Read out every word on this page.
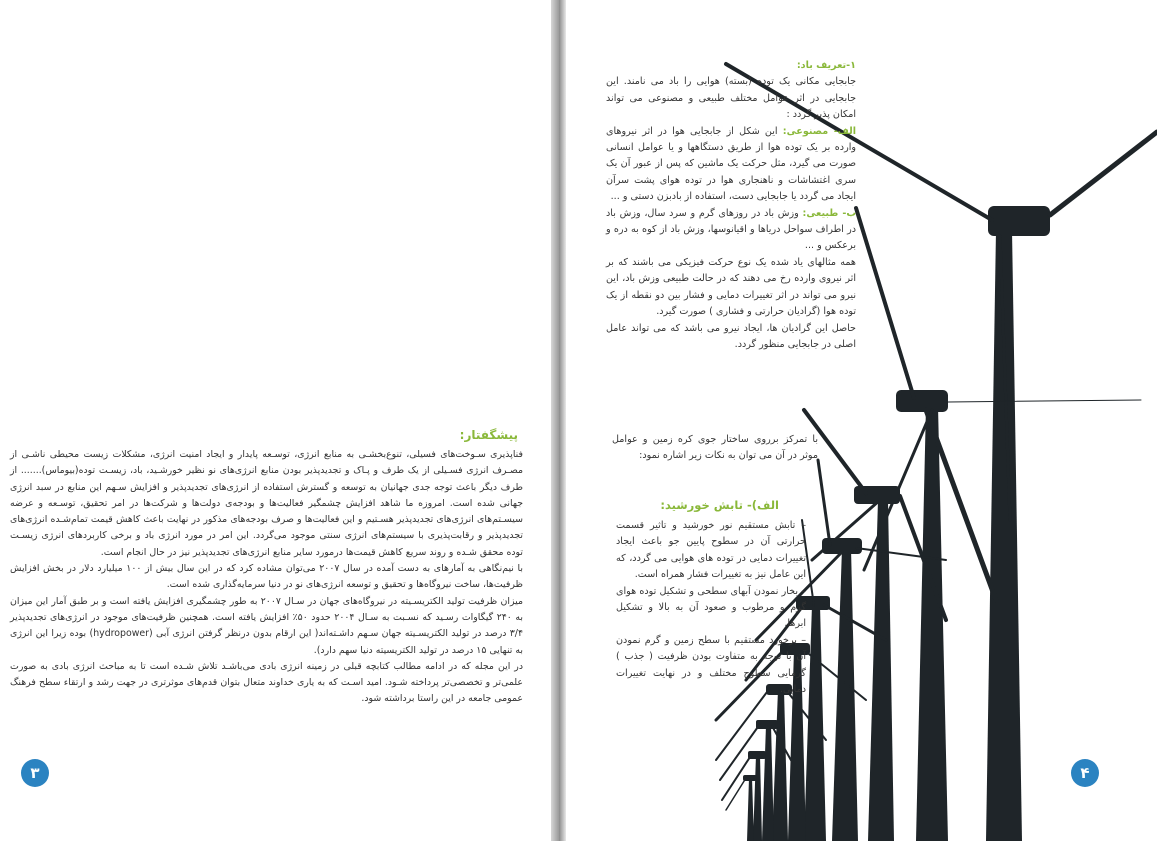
پیشگفتار:

فناپذیری سـوخت‌های فسیلی، تنوع‌بخشـی به منابع انرژی، توسـعه پایدار و ایجاد امنیت انرژی، مشکلات زیست محیطی ناشـی از مصـرف انرژی فسـیلی از یک طرف و پـاک و تجدیدپذیر بودن منابع انرژی‌های نو نظیر خورشـید، باد، زیسـت توده(بیوماس)....... از طرف دیگر باعث توجه جدی جهانیان به توسعه و گسترش استفاده از انرژی‌های تجدیدپذیر و افزایش سـهم این منابع در سبد انرژی جهانی شده است. امروزه ما شاهد افزایش چشمگیر فعالیت‌ها و بودجه‌ی دولت‌ها و شرکت‌ها در امر تحقیق، توسـعه و عرضه سیسـتم‌های انرژی‌های تجدیدپذیر هسـتیم و این فعالیت‌ها و صرف بودجه‌های مذکور در نهایت باعث کاهش قیمت تمام‌شـده انرژی‌های تجدیدپذیر و رقابت‌پذیری با سیستم‌های انرژی سنتی موجود می‌گردد. این امر در مورد انرژی باد و برخی کاربردهای انرژی زیسـت توده محقق شـده و روند سریع کاهش قیمت‌ها درمورد سایر منابع انرژی‌های تجدیدپذیر نیز در حال انجام است.

با نیم‌نگاهی به آمارهای به دست آمده در سال ۲۰۰۷ می‌توان مشاده کرد که در این سال بیش از ۱۰۰ میلیارد دلار در بخش افزایش ظرفیت‌ها، ساخت نیروگاه‌ها و تحقیق و توسعه انرژی‌های نو در دنیا سرمایه‌گذاری شده است.

میزان ظرفیت تولید الکتریسـیته در نیروگاه‌های جهان در سـال ۲۰۰۷ به طور چشمگیری افزایش یافته است و بر طبق آمار این میزان به ۲۴۰ گیگاوات رسـید که نسـبت به سـال ۲۰۰۴ حدود ۵۰٪ افزایش یافته است. همچنین ظرفیت‌های موجود در انرژی‌های تجدیدپذیر ۳/۴ درصد در تولید الکتریسـیته جهان سـهم داشـته‌اند( این ارقام بدون درنظر گرفتن انرژی آبی (hydropower) بوده زیرا این انرژی به تنهایی ۱۵ درصد در تولید الکتریسیته دنیا سهم دارد).

در این مجله که در ادامه مطالب کتابچه قبلی در زمینه انرژی بادی می‌باشـد تلاش شـده است تا به مباحث انرژی بادی به صورت علمی‌تر و تخصصی‌تر پرداخته شـود. امید اسـت که به یاری خداوند متعال بتوان قدم‌های موثرتری در جهت رشد و ارتقاء سطح فرهنگ عمومی جامعه در این راستا برداشته شود.

۳

۱-تعریف باد:
جابجایی مکانی یک توده (بسته) هوایی را باد می نامند. این جابجایی در اثر عوامل مختلف طبیعی و مصنوعی می تواند امکان پذیر گردد :

الف- مصنوعی: این شکل از جابجایی هوا در اثر نیروهای وارده بر یک توده هوا از طریق دستگاهها و یا عوامل انسانی صورت می گیرد، مثل حرکت یک ماشین که پس از عبور آن یک سری اغتشاشات و ناهنجاری هوا در توده هوای پشت سرآن ایجاد می گردد یا جابجایی دست، استفاده از بادبزن دستی و ...

ب- طبیعی: وزش باد در روزهای گرم و سرد سال، وزش باد در اطراف سواحل دریاها و اقیانوسها، وزش باد از کوه به دره و برعکس و ...

همه مثالهای یاد شده یک نوع حرکت فیزیکی می باشند که بر اثر نیروی وارده رخ می دهند که در حالت طبیعی وزش باد، این نیرو می تواند در اثر تغییرات دمایی و فشار بین دو نقطه از یک توده هوا (گرادیان حرارتی و فشاری ) صورت گیرد.

حاصل این گرادیان ها، ایجاد نیرو می باشد که می تواند عامل اصلی در جابجایی منظور گردد.

با تمرکز برروی ساختار جوی کره زمین و عوامل موثر در آن می توان به نکات زیر اشاره نمود:
الف)- تابش خورشید:

– تابش مستقیم نور خورشید و تاثیر قسمت حرارتی آن در سطوح پایین جو باعث ایجاد تغییرات دمایی در توده های هوایی می گردد، که این عامل نیز به تغییرات فشار همراه است.

– بخار نمودن آبهای سطحی و تشکیل توده هوای گرم و مرطوب و صعود آن به بالا و تشکیل ابرها.

– برخورد مستقیم با سطح زمین و گرم نمودن آن با توجه به متفاوت بودن ظرفیت ( جذب ) گرمایی سطوح مختلف و در نهایت تغییرات دمایی.

۴
